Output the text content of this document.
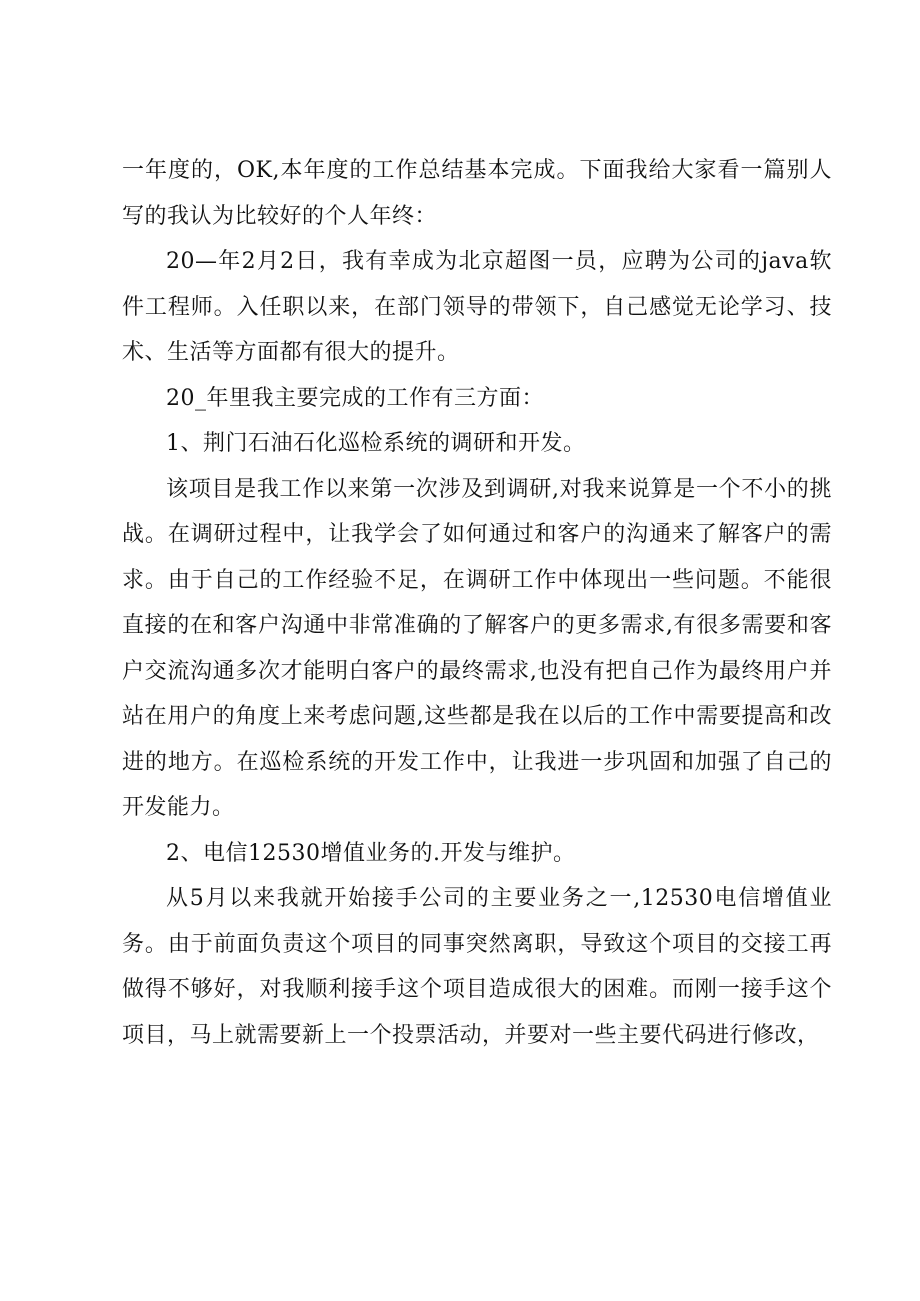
一年度的，OK,本年度的工作总结基本完成。下面我给大家看一篇别人写的我认为比较好的个人年终：

20—年2月2日，我有幸成为北京超图一员，应聘为公司的java软件工程师。入任职以来，在部门领导的带领下，自己感觉无论学习、技术、生活等方面都有很大的提升。

20_年里我主要完成的工作有三方面：

1、荆门石油石化巡检系统的调研和开发。

该项目是我工作以来第一次涉及到调研,对我来说算是一个不小的挑战。在调研过程中，让我学会了如何通过和客户的沟通来了解客户的需求。由于自己的工作经验不足，在调研工作中体现出一些问题。不能很直接的在和客户沟通中非常准确的了解客户的更多需求,有很多需要和客户交流沟通多次才能明白客户的最终需求,也没有把自己作为最终用户并站在用户的角度上来考虑问题,这些都是我在以后的工作中需要提高和改进的地方。在巡检系统的开发工作中，让我进一步巩固和加强了自己的开发能力。

2、电信12530增值业务的.开发与维护。

从5月以来我就开始接手公司的主要业务之一,12530电信增值业务。由于前面负责这个项目的同事突然离职，导致这个项目的交接工再做得不够好，对我顺利接手这个项目造成很大的困难。而刚一接手这个项目，马上就需要新上一个投票活动，并要对一些主要代码进行修改，
